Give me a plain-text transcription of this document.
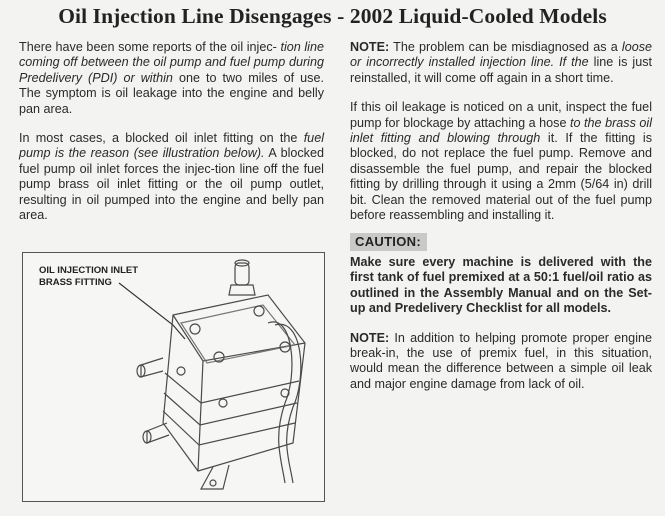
Oil Injection Line Disengages - 2002 Liquid-Cooled Models

There have been some reports of the oil injec- tion line coming off between the oil pump and fuel pump during Predelivery (PDI) or within one to two miles of use. The symptom is oil leakage into the engine and belly pan area.

In most cases, a blocked oil inlet fitting on the fuel pump is the reason (see illustration below). A blocked fuel pump oil inlet forces the injec-tion line off the fuel pump brass oil inlet fitting or the oil pump outlet, resulting in oil pumped into the engine and belly pan area.

OIL INJECTION INLET
BRASS FITTING

NOTE: The problem can be misdiagnosed as a loose or incorrectly installed injection line. If the line is just reinstalled, it will come off again in a short time.

If this oil leakage is noticed on a unit, inspect the fuel pump for blockage by attaching a hose to the brass oil inlet fitting and blowing through it. If the fitting is blocked, do not replace the fuel pump. Remove and disassemble the fuel pump, and repair the blocked fitting by drilling through it using a 2mm (5/64 in) drill bit. Clean the removed material out of the fuel pump before reassembling and installing it.

CAUTION:

Make sure every machine is delivered with the first tank of fuel premixed at a 50:1 fuel/oil ratio as outlined in the Assembly Manual and on the Set-up and Predelivery Checklist for all models.

NOTE: In addition to helping promote proper engine break-in, the use of premix fuel, in this situation, would mean the difference between a simple oil leak and major engine damage from lack of oil.
